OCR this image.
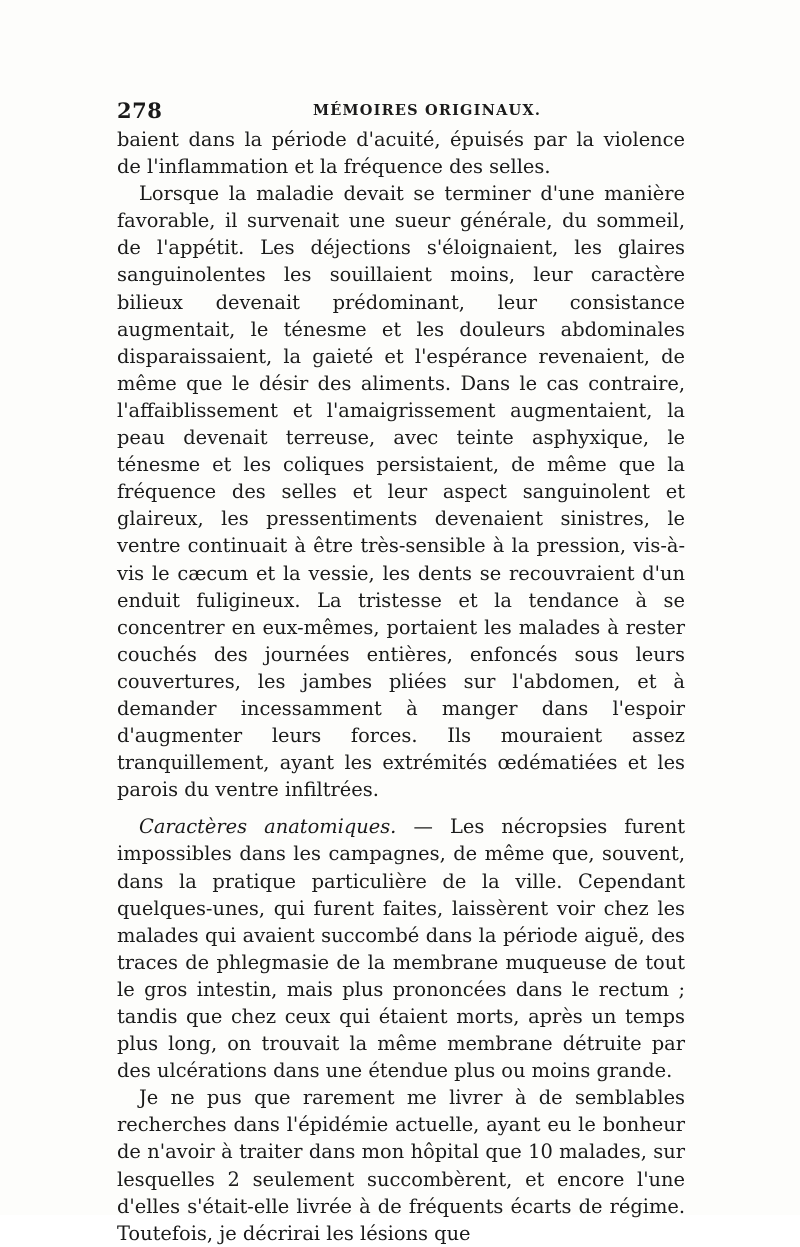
278	MÉMOIRES ORIGINAUX.

baient dans la période d'acuité, épuisés par la violence de l'inflammation et la fréquence des selles.

Lorsque la maladie devait se terminer d'une manière favorable, il survenait une sueur générale, du sommeil, de l'appétit. Les déjections s'éloignaient, les glaires sanguinolentes les souillaient moins, leur caractère bilieux devenait prédominant, leur consistance augmentait, le ténesme et les douleurs abdominales disparaissaient, la gaieté et l'espérance revenaient, de même que le désir des aliments. Dans le cas contraire, l'affaiblissement et l'amaigrissement augmentaient, la peau devenait terreuse, avec teinte asphyxique, le ténesme et les coliques persistaient, de même que la fréquence des selles et leur aspect sanguinolent et glaireux, les pressentiments devenaient sinistres, le ventre continuait à être très-sensible à la pression, vis-à-vis le cæcum et la vessie, les dents se recouvraient d'un enduit fuligineux. La tristesse et la tendance à se concentrer en eux-mêmes, portaient les malades à rester couchés des journées entières, enfoncés sous leurs couvertures, les jambes pliées sur l'abdomen, et à demander incessamment à manger dans l'espoir d'augmenter leurs forces. Ils mouraient assez tranquillement, ayant les extrémités œdématiées et les parois du ventre infiltrées.

Caractères anatomiques. — Les nécropsies furent impossibles dans les campagnes, de même que, souvent, dans la pratique particulière de la ville. Cependant quelques-unes, qui furent faites, laissèrent voir chez les malades qui avaient succombé dans la période aiguë, des traces de phlegmasie de la membrane muqueuse de tout le gros intestin, mais plus prononcées dans le rectum ; tandis que chez ceux qui étaient morts, après un temps plus long, on trouvait la même membrane détruite par des ulcérations dans une étendue plus ou moins grande.

Je ne pus que rarement me livrer à de semblables recherches dans l'épidémie actuelle, ayant eu le bonheur de n'avoir à traiter dans mon hôpital que 10 malades, sur lesquelles 2 seulement succombèrent, et encore l'une d'elles s'était-elle livrée à de fréquents écarts de régime. Toutefois, je décrirai les lésions que
